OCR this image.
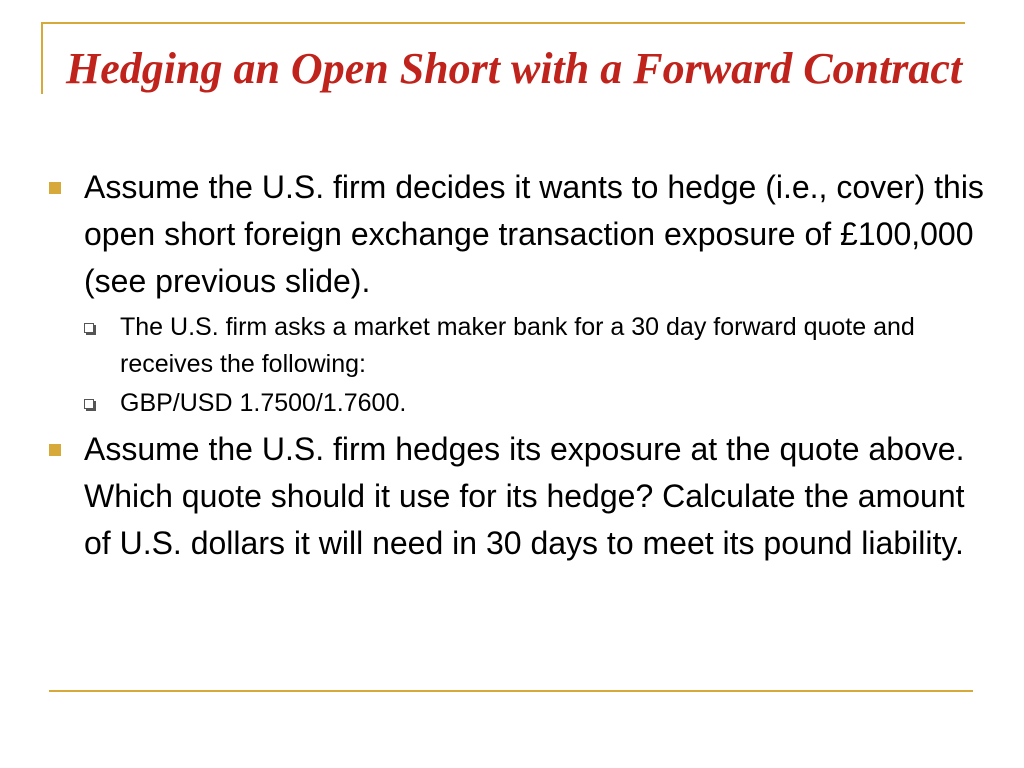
Hedging an Open Short with a Forward Contract

Assume the U.S. firm decides it wants to hedge (i.e., cover) this open short foreign exchange transaction exposure of £100,000 (see previous slide).

The U.S. firm asks a market maker bank for a 30 day forward quote and receives the following:

GBP/USD 1.7500/1.7600.

Assume the U.S. firm hedges its exposure at the quote above. Which quote should it use for its hedge? Calculate the amount of U.S. dollars it will need in 30 days to meet its pound liability.
